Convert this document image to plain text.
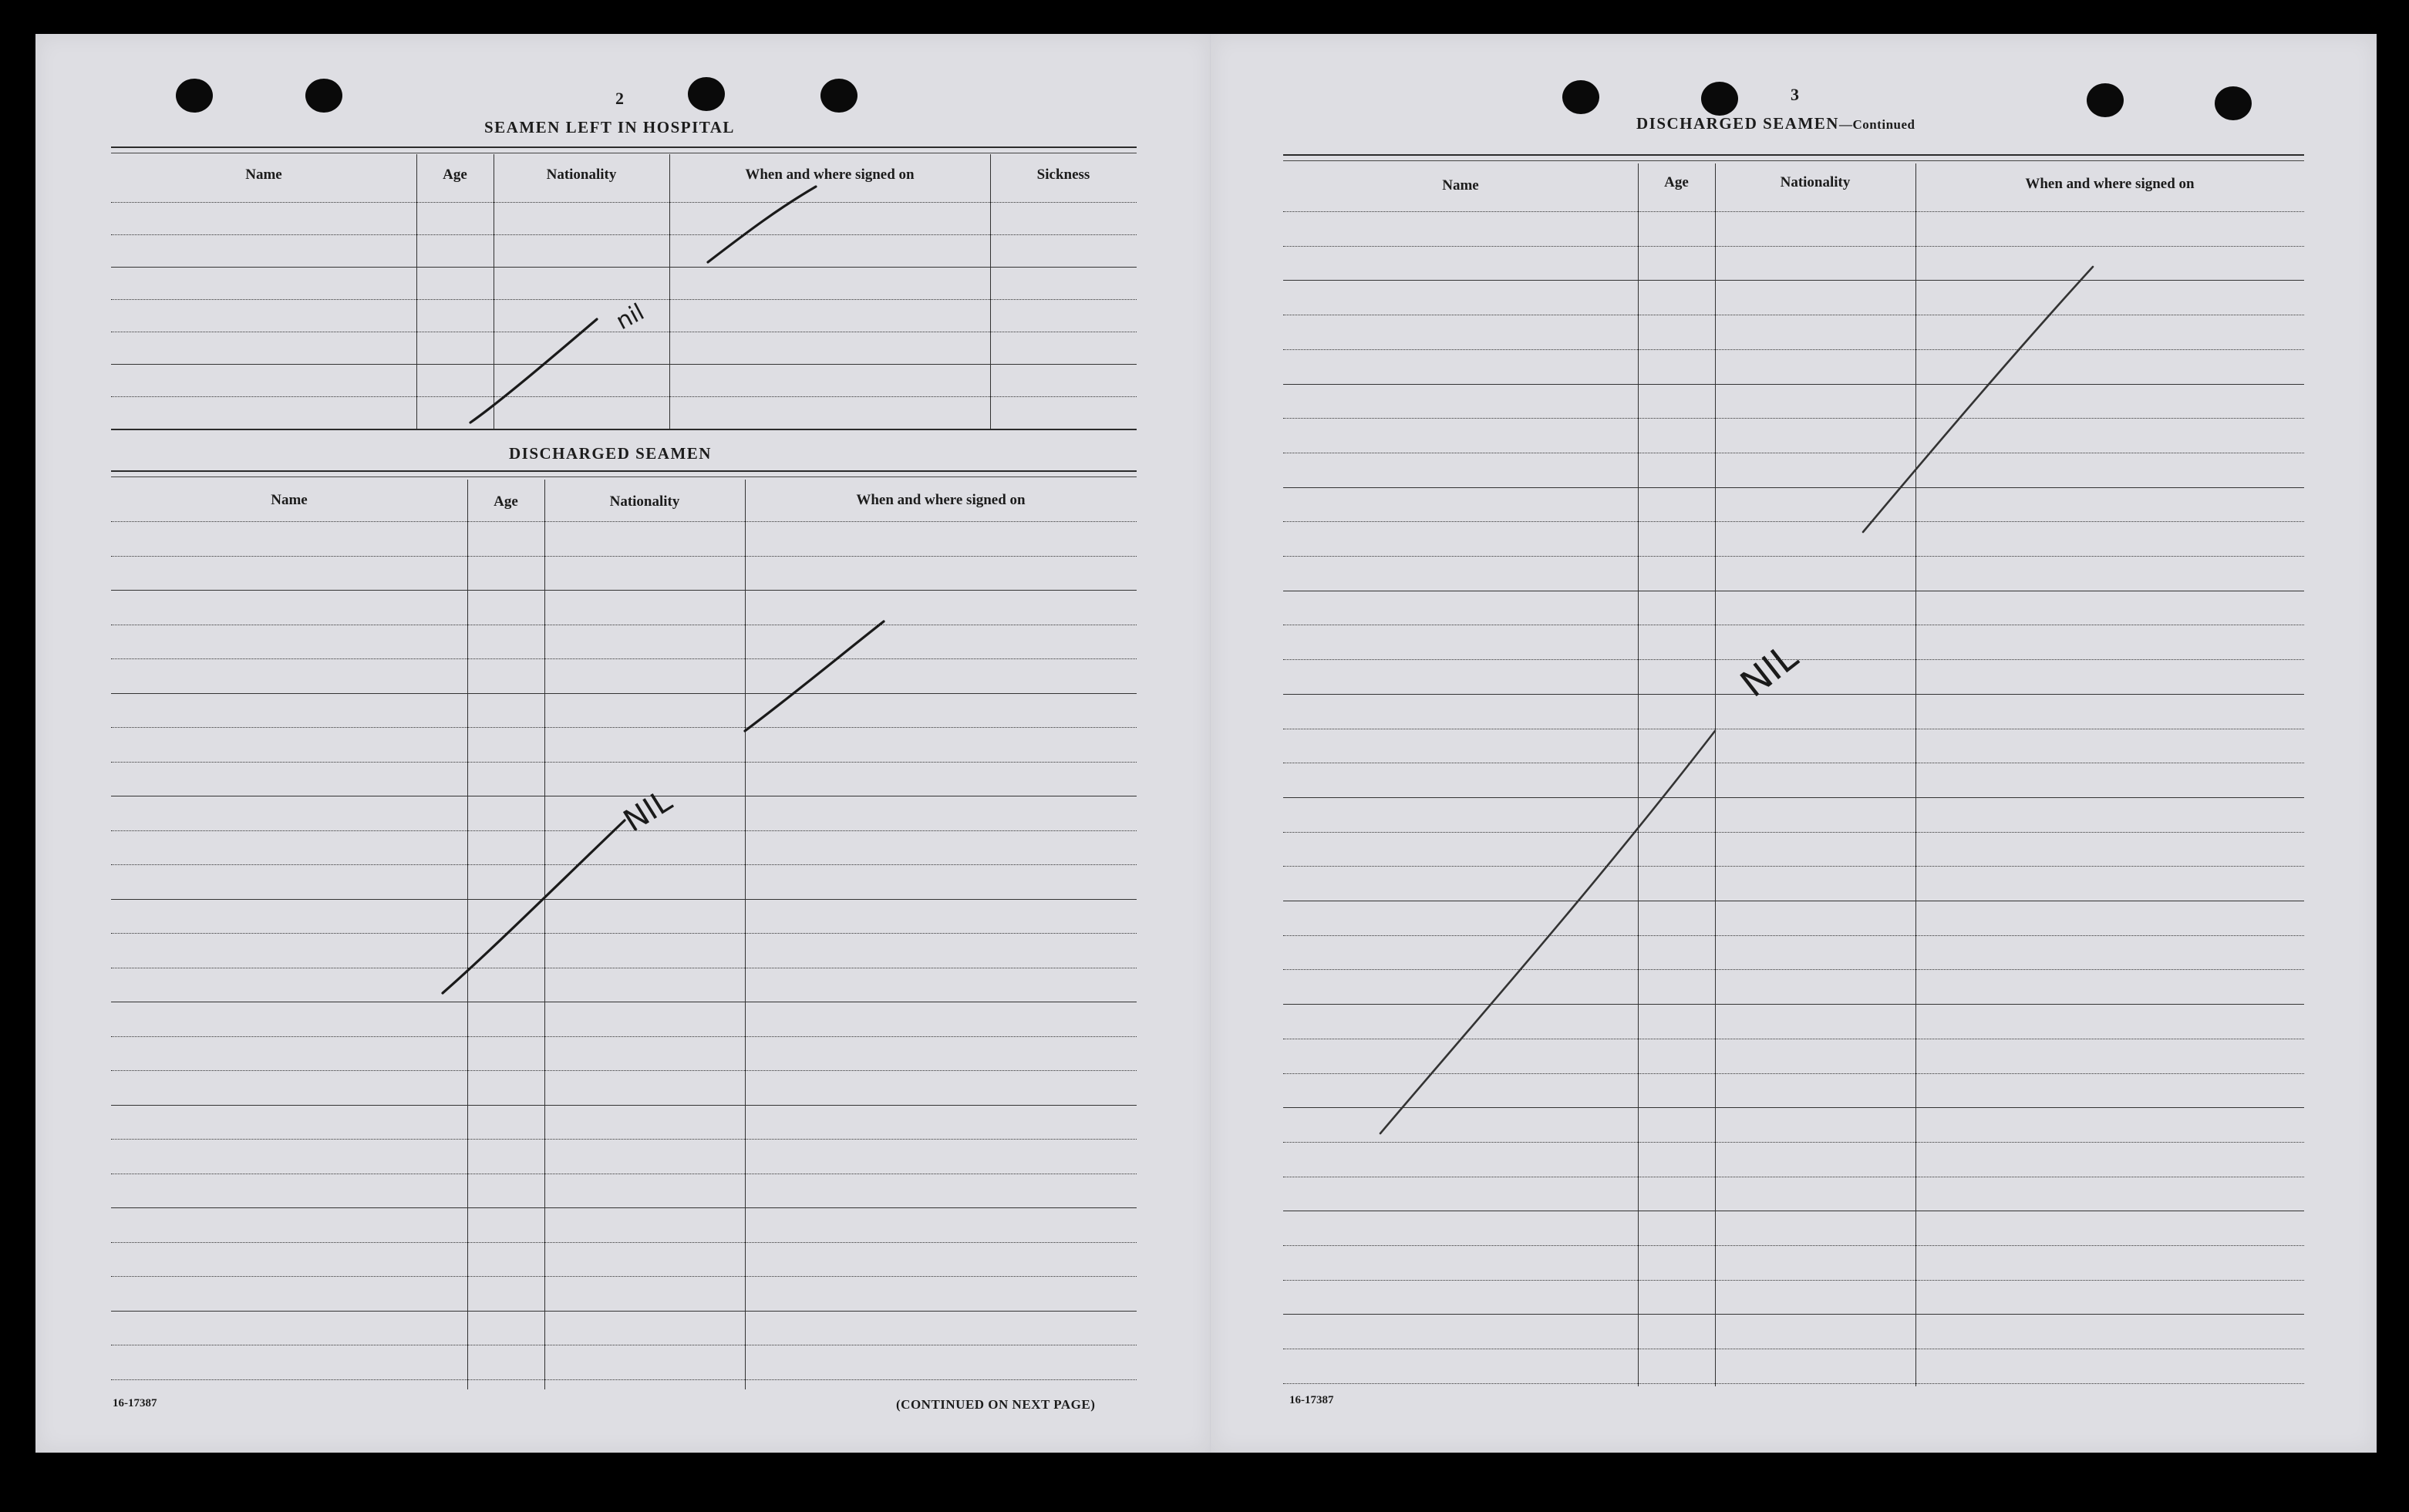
2
SEAMEN LEFT IN HOSPITAL
Name	Age	Nationality	When and where signed on	Sickness
DISCHARGED SEAMEN
Name	Age	Nationality	When and where signed on
16-17387	(CONTINUED ON NEXT PAGE)
3
DISCHARGED SEAMEN—Continued
Name	Age	Nationality	When and where signed on
16-17387
nil
NIL
NIL
